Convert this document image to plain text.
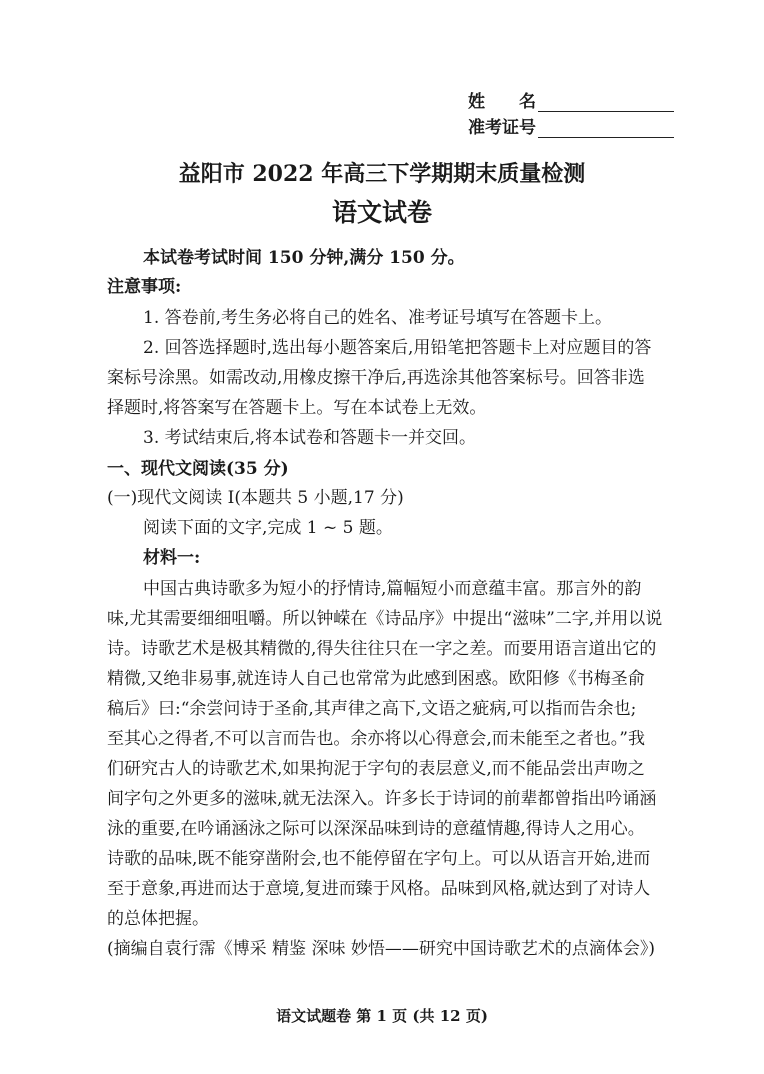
姓　　名
准考证号
益阳市 2022 年高三下学期期末质量检测
语文试卷
本试卷考试时间 150 分钟,满分 150 分。
注意事项:
1. 答卷前,考生务必将自己的姓名、准考证号填写在答题卡上。
2. 回答选择题时,选出每小题答案后,用铅笔把答题卡上对应题目的答
案标号涂黑。如需改动,用橡皮擦干净后,再选涂其他答案标号。回答非选
择题时,将答案写在答题卡上。写在本试卷上无效。
3. 考试结束后,将本试卷和答题卡一并交回。
一、现代文阅读(35 分)
(一)现代文阅读 Ⅰ(本题共 5 小题,17 分)
阅读下面的文字,完成 1 ~ 5 题。
材料一:
中国古典诗歌多为短小的抒情诗,篇幅短小而意蕴丰富。那言外的韵
味,尤其需要细细咀嚼。所以钟嵘在《诗品序》中提出“滋味”二字,并用以说
诗。诗歌艺术是极其精微的,得失往往只在一字之差。而要用语言道出它的
精微,又绝非易事,就连诗人自己也常常为此感到困惑。欧阳修《书梅圣俞
稿后》曰:“余尝问诗于圣俞,其声律之高下,文语之疵病,可以指而告余也;
至其心之得者,不可以言而告也。余亦将以心得意会,而未能至之者也。”我
们研究古人的诗歌艺术,如果拘泥于字句的表层意义,而不能品尝出声吻之
间字句之外更多的滋味,就无法深入。许多长于诗词的前辈都曾指出吟诵涵
泳的重要,在吟诵涵泳之际可以深深品味到诗的意蕴情趣,得诗人之用心。
诗歌的品味,既不能穿凿附会,也不能停留在字句上。可以从语言开始,进而
至于意象,再进而达于意境,复进而臻于风格。品味到风格,就达到了对诗人
的总体把握。
(摘编自袁行霈《博采 精鉴 深味 妙悟——研究中国诗歌艺术的点滴体会》)
语文试题卷 第 1 页 (共 12 页)
